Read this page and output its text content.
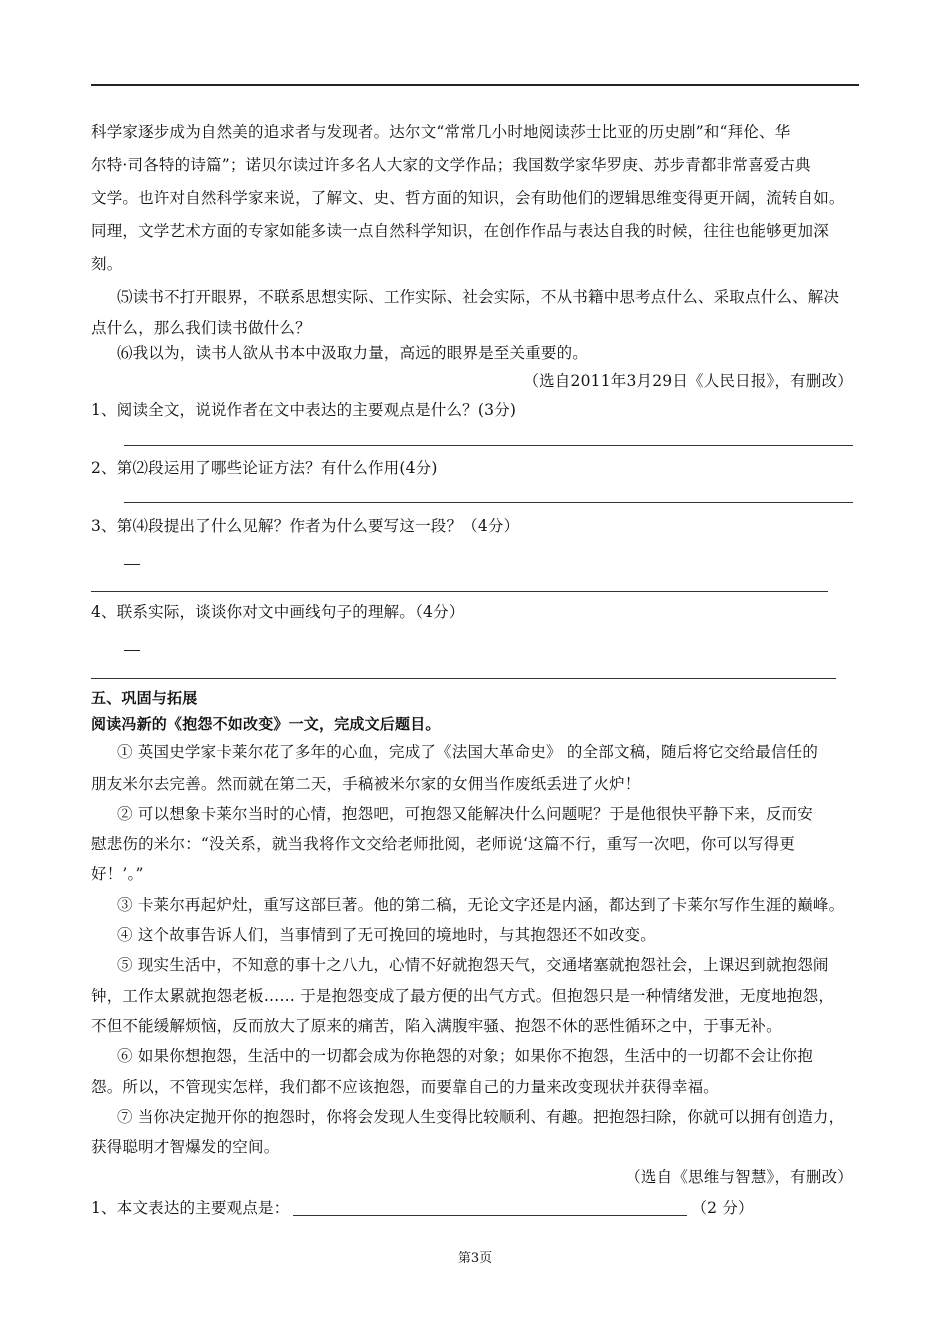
科学家逐步成为自然美的追求者与发现者。达尔文“常常几小时地阅读莎士比亚的历史剧”和“拜伦、华
尔特·司各特的诗篇”；诺贝尔读过许多名人大家的文学作品；我国数学家华罗庚、苏步青都非常喜爱古典
文学。也许对自然科学家来说，了解文、史、哲方面的知识，会有助他们的逻辑思维变得更开阔，流转自如。
同理，文学艺术方面的专家如能多读一点自然科学知识，在创作作品与表达自我的时候，往往也能够更加深
刻。
⑸读书不打开眼界，不联系思想实际、工作实际、社会实际，不从书籍中思考点什么、采取点什么、解决
点什么，那么我们读书做什么？
⑹我以为，读书人欲从书本中汲取力量，高远的眼界是至关重要的。
（选自2011年3月29日《人民日报》，有删改）
1、阅读全文，说说作者在文中表达的主要观点是什么？(3分)
2、第⑵段运用了哪些论证方法？有什么作用(4分)
3、第⑷段提出了什么见解？作者为什么要写这一段？（4分）
4、联系实际，谈谈你对文中画线句子的理解。（4分）
五、巩固与拓展
阅读冯新的《抱怨不如改变》一文，完成文后题目。
① 英国史学家卡莱尔花了多年的心血，完成了《法国大革命史》 的全部文稿，随后将它交给最信任的
朋友米尔去完善。然而就在第二天，手稿被米尔家的女佣当作废纸丢进了火炉！
② 可以想象卡莱尔当时的心情，抱怨吧，可抱怨又能解决什么问题呢？于是他很快平静下来，反而安
慰悲伤的米尔：“没关系，就当我将作文交给老师批阅，老师说‘这篇不行，重写一次吧，你可以写得更
好！’。”
③ 卡莱尔再起炉灶，重写这部巨著。他的第二稿，无论文字还是内涵，都达到了卡莱尔写作生涯的巅峰。
④ 这个故事告诉人们，当事情到了无可挽回的境地时，与其抱怨还不如改变。
⑤ 现实生活中，不知意的事十之八九，心情不好就抱怨天气，交通堵塞就抱怨社会，上课迟到就抱怨闹
钟，工作太累就抱怨老板…… 于是抱怨变成了最方便的出气方式。但抱怨只是一种情绪发泄，无度地抱怨，
不但不能缓解烦恼，反而放大了原来的痛苦，陷入满腹牢骚、抱怨不休的恶性循环之中，于事无补。
⑥ 如果你想抱怨，生活中的一切都会成为你艳怨的对象；如果你不抱怨，生活中的一切都不会让你抱
怨。所以，不管现实怎样，我们都不应该抱怨，而要靠自己的力量来改变现状并获得幸福。
⑦ 当你决定抛开你的抱怨时，你将会发现人生变得比较顺利、有趣。把抱怨扫除，你就可以拥有创造力，
获得聪明才智爆发的空间。
（选自《思维与智慧》，有删改）
1、本文表达的主要观点是：	（2 分）
第3页
